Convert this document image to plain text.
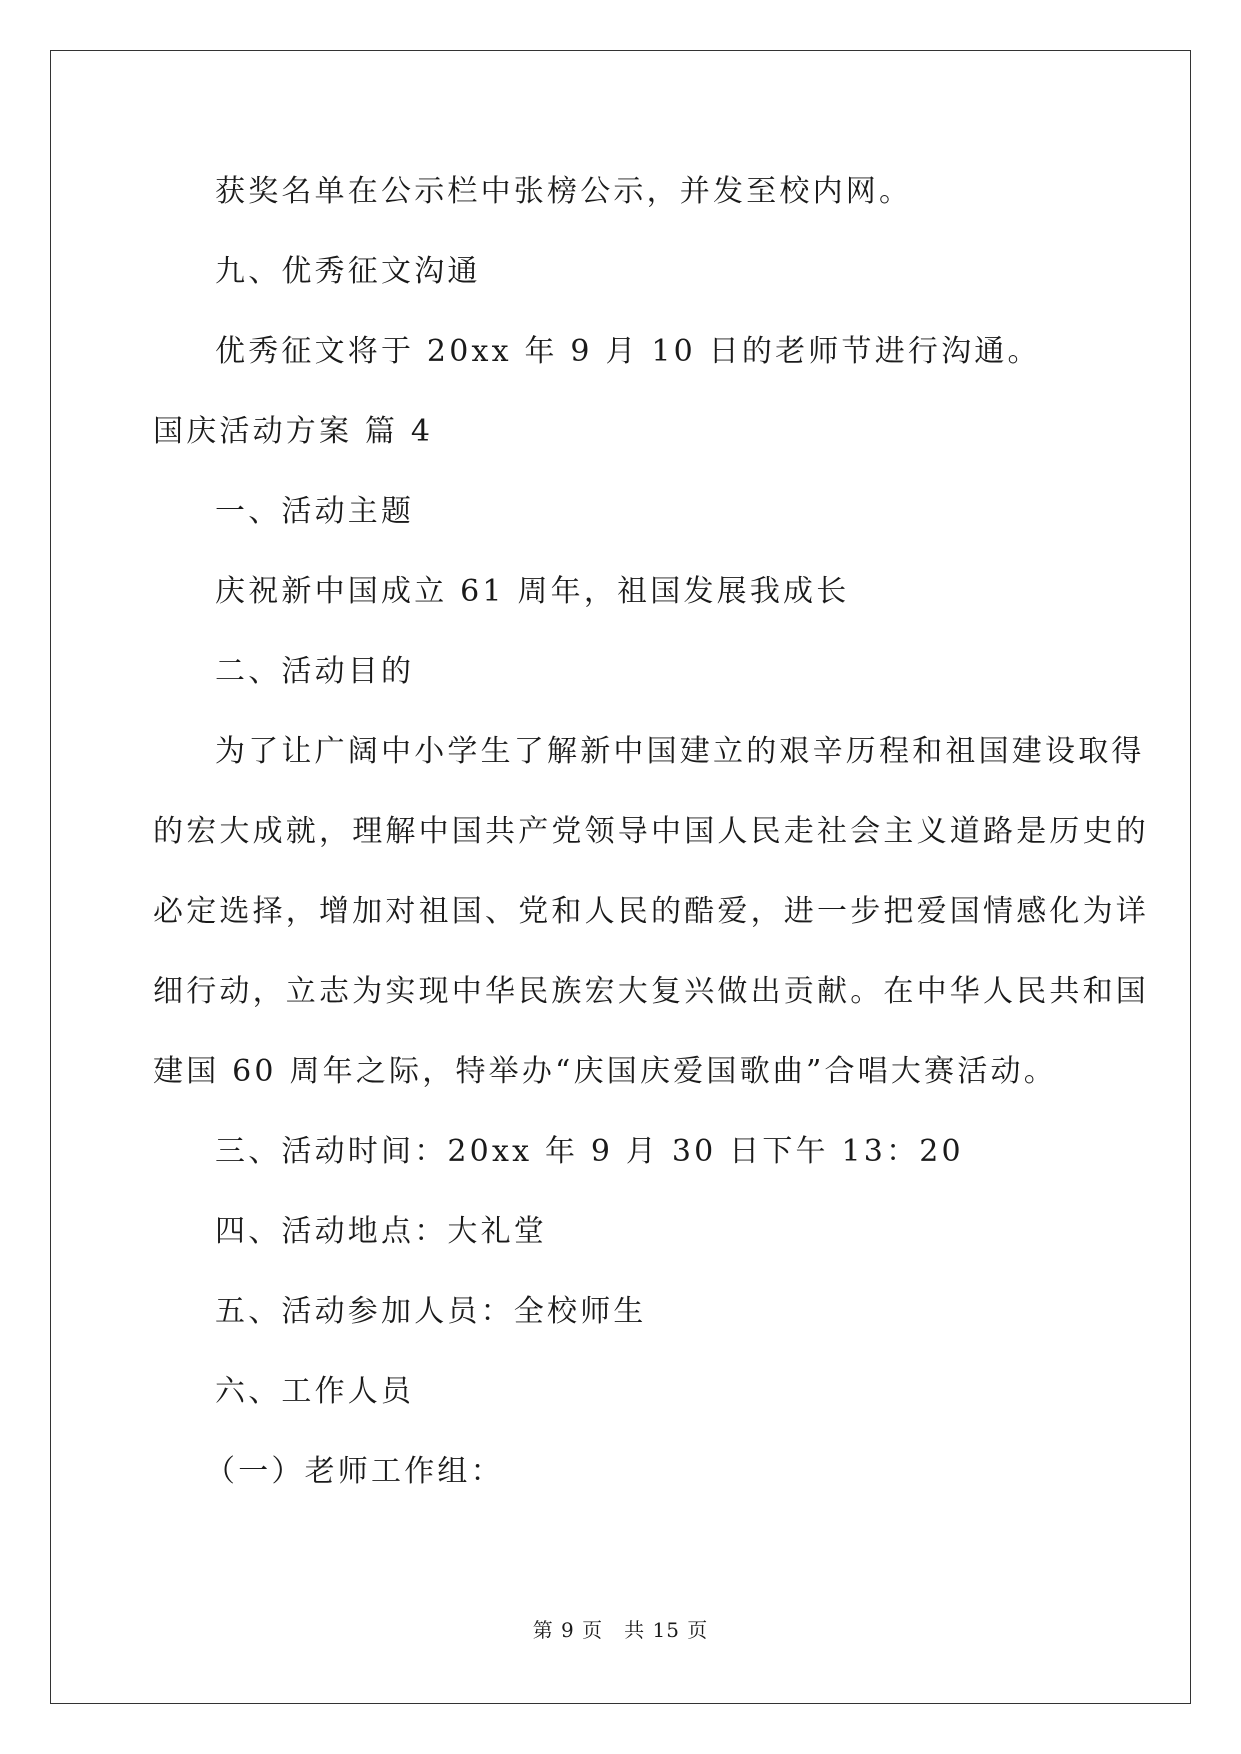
获奖名单在公示栏中张榜公示，并发至校内网。
九、优秀征文沟通
优秀征文将于 20xx 年 9 月 10 日的老师节进行沟通。
国庆活动方案 篇 4
一、活动主题
庆祝新中国成立 61 周年，祖国发展我成长
二、活动目的
为了让广阔中小学生了解新中国建立的艰辛历程和祖国建设取得
的宏大成就，理解中国共产党领导中国人民走社会主义道路是历史的
必定选择，增加对祖国、党和人民的酷爱，进一步把爱国情感化为详
细行动，立志为实现中华民族宏大复兴做出贡献。在中华人民共和国
建国 60 周年之际，特举办“庆国庆爱国歌曲”合唱大赛活动。
三、活动时间：20xx 年 9 月 30 日下午 13：20
四、活动地点：大礼堂
五、活动参加人员：全校师生
六、工作人员
（一）老师工作组：
第 9 页　共 15 页
